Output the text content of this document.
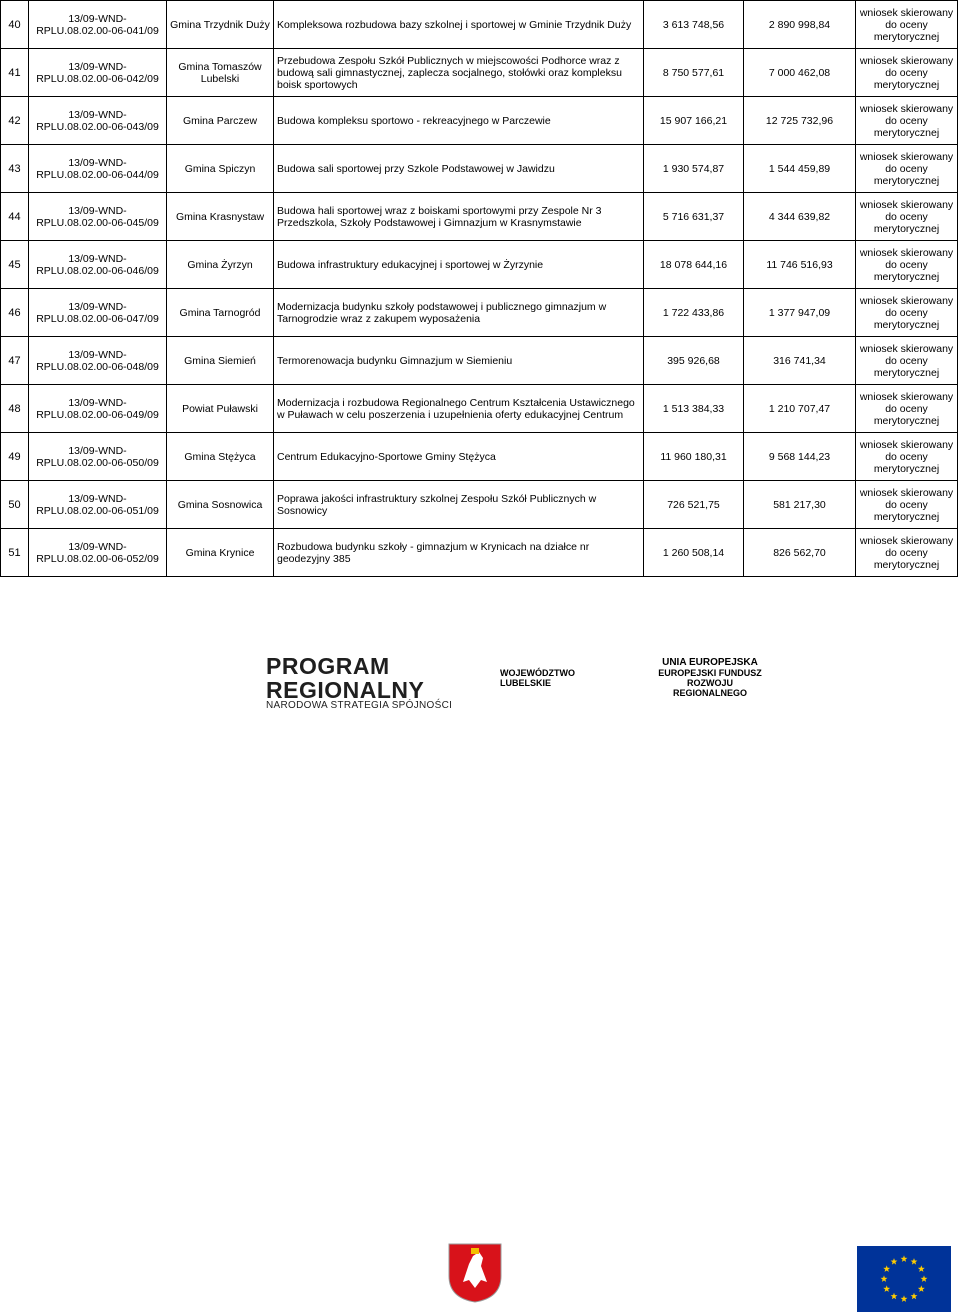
40	13/09-WND-RPLU.08.02.00-06-041/09	Gmina Trzydnik Duży	Kompleksowa rozbudowa bazy szkolnej i sportowej w Gminie Trzydnik Duży	3 613 748,56	2 890 998,84	wniosek skierowany do oceny merytorycznej
41	13/09-WND-RPLU.08.02.00-06-042/09	Gmina Tomaszów Lubelski	Przebudowa Zespołu Szkół Publicznych w miejscowości Podhorce wraz z budową sali gimnastycznej, zaplecza socjalnego, stołówki oraz kompleksu boisk sportowych	8 750 577,61	7 000 462,08	wniosek skierowany do oceny merytorycznej
42	13/09-WND-RPLU.08.02.00-06-043/09	Gmina Parczew	Budowa kompleksu sportowo - rekreacyjnego w Parczewie	15 907 166,21	12 725 732,96	wniosek skierowany do oceny merytorycznej
43	13/09-WND-RPLU.08.02.00-06-044/09	Gmina Spiczyn	Budowa sali sportowej przy Szkole Podstawowej w Jawidzu	1 930 574,87	1 544 459,89	wniosek skierowany do oceny merytorycznej
44	13/09-WND-RPLU.08.02.00-06-045/09	Gmina Krasnystaw	Budowa hali sportowej wraz z boiskami sportowymi przy Zespole Nr 3 Przedszkola, Szkoły Podstawowej i Gimnazjum w Krasnymstawie	5 716 631,37	4 344 639,82	wniosek skierowany do oceny merytorycznej
45	13/09-WND-RPLU.08.02.00-06-046/09	Gmina Żyrzyn	Budowa infrastruktury edukacyjnej i sportowej w Żyrzynie	18 078 644,16	11 746 516,93	wniosek skierowany do oceny merytorycznej
46	13/09-WND-RPLU.08.02.00-06-047/09	Gmina Tarnogród	Modernizacja budynku szkoły podstawowej i publicznego gimnazjum w Tarnogrodzie wraz z zakupem wyposażenia	1 722 433,86	1 377 947,09	wniosek skierowany do oceny merytorycznej
47	13/09-WND-RPLU.08.02.00-06-048/09	Gmina Siemień	Termorenowacja budynku Gimnazjum w Siemieniu	395 926,68	316 741,34	wniosek skierowany do oceny merytorycznej
48	13/09-WND-RPLU.08.02.00-06-049/09	Powiat Puławski	Modernizacja i rozbudowa Regionalnego Centrum Kształcenia Ustawicznego w Puławach w celu poszerzenia i uzupełnienia oferty edukacyjnej Centrum	1 513 384,33	1 210 707,47	wniosek skierowany do oceny merytorycznej
49	13/09-WND-RPLU.08.02.00-06-050/09	Gmina Stężyca	Centrum Edukacyjno-Sportowe Gminy Stężyca	11 960 180,31	9 568 144,23	wniosek skierowany do oceny merytorycznej
50	13/09-WND-RPLU.08.02.00-06-051/09	Gmina Sosnowica	Poprawa jakości infrastruktury szkolnej Zespołu Szkół Publicznych w Sosnowicy	726 521,75	581 217,30	wniosek skierowany do oceny merytorycznej
51	13/09-WND-RPLU.08.02.00-06-052/09	Gmina Krynice	Rozbudowa budynku szkoły - gimnazjum w Krynicach na działce nr geodezyjny 385	1 260 508,14	826 562,70	wniosek skierowany do oceny merytorycznej
PROGRAM
REGIONALNY
NARODOWA STRATEGIA SPÓJNOŚCI
WOJEWÓDZTWO
LUBELSKIE
UNIA EUROPEJSKA
EUROPEJSKI FUNDUSZ
ROZWOJU REGIONALNEGO
